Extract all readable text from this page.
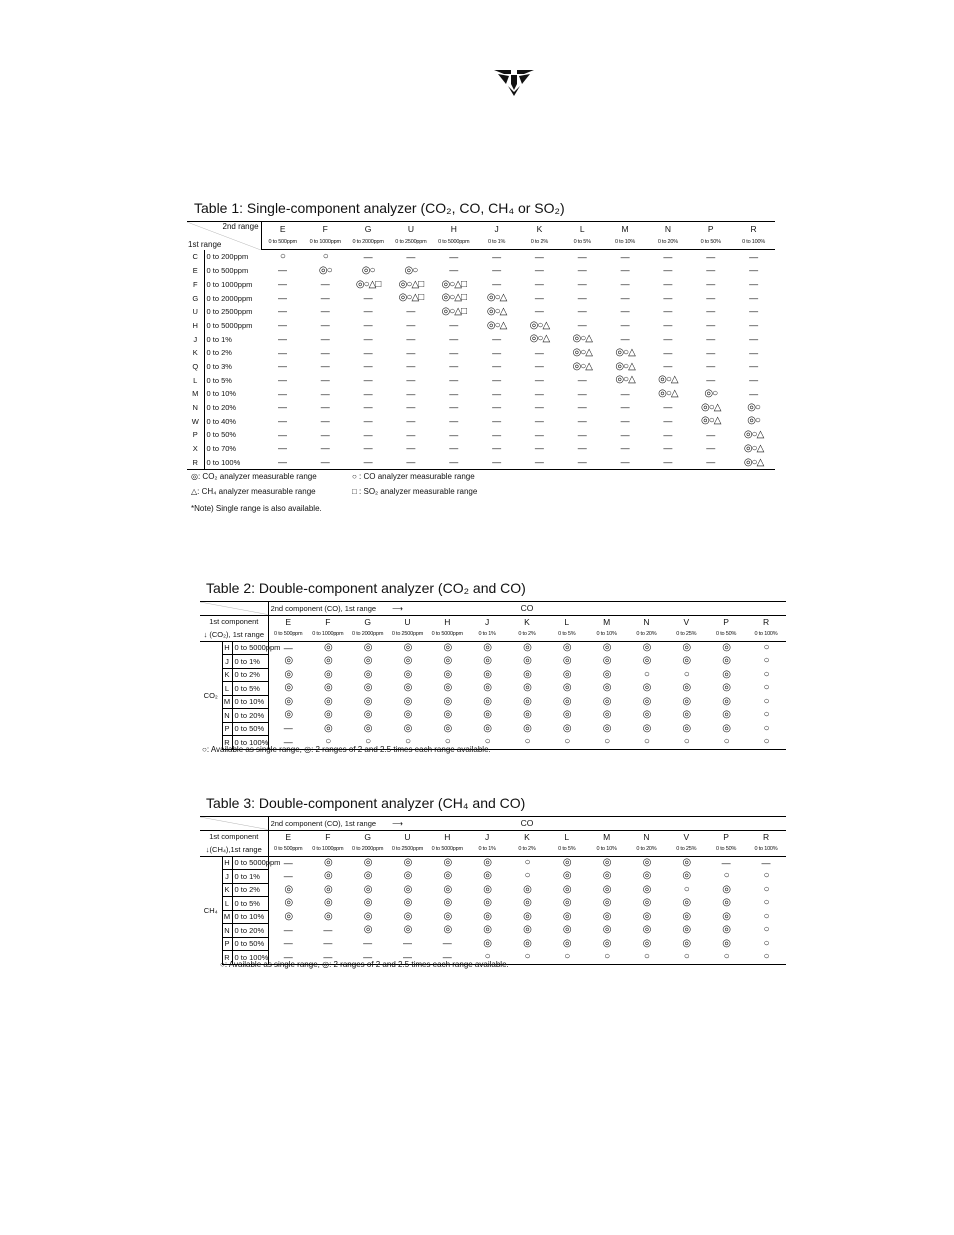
Table 1: Single-component analyzer (CO₂, CO, CH₄ or SO₂)
2nd range
1st range		E	F	G	U	H	J	K	L	M	N	P	R
		0 to 500ppm	0 to 1000ppm	0 to 2000ppm	0 to 2500ppm	0 to 5000ppm	0 to 1%	0 to 2%	0 to 5%	0 to 10%	0 to 20%	0 to 50%	0 to 100%
C	0 to 200ppm	○	○	—	—	—	—	—	—	—	—	—	—
E	0 to 500ppm	—	◎○	◎○	◎○	—	—	—	—	—	—	—	—
F	0 to 1000ppm	—	—	◎○△□	◎○△□	◎○△□	—	—	—	—	—	—	—
G	0 to 2000ppm	—	—	—	◎○△□	◎○△□	◎○△	—	—	—	—	—	—
U	0 to 2500ppm	—	—	—	—	◎○△□	◎○△	—	—	—	—	—	—
H	0 to 5000ppm	—	—	—	—	—	◎○△	◎○△	—	—	—	—	—
J	0 to 1%	—	—	—	—	—	—	◎○△	◎○△	—	—	—	—
K	0 to 2%	—	—	—	—	—	—	—	◎○△	◎○△	—	—	—
Q	0 to 3%	—	—	—	—	—	—	—	◎○△	◎○△	—	—	—
L	0 to 5%	—	—	—	—	—	—	—	—	◎○△	◎○△	—	—
M	0 to 10%	—	—	—	—	—	—	—	—	—	◎○△	◎○	—
N	0 to 20%	—	—	—	—	—	—	—	—	—	—	◎○△	◎○
W	0 to 40%	—	—	—	—	—	—	—	—	—	—	◎○△	◎○
P	0 to 50%	—	—	—	—	—	—	—	—	—	—	—	◎○△
X	0 to 70%	—	—	—	—	—	—	—	—	—	—	—	◎○△
R	0 to 100%	—	—	—	—	—	—	—	—	—	—	—	◎○△
◎: CO₂ analyzer measurable range	○ : CO analyzer measurable range
△: CH₄ analyzer measurable range	□ : SO₂ analyzer measurable range
*Note) Single range is also available.
Table 2: Double-component analyzer (CO₂ and CO)
	2nd component (CO), 1st range ⟶					CO							
1st component			E	F	G	U	H	J	K	L	M	N	V	P	R
↓ (CO₂), 1st range			0 to 500ppm	0 to 1000ppm	0 to 2000ppm	0 to 2500ppm	0 to 5000ppm	0 to 1%	0 to 2%	0 to 5%	0 to 10%	0 to 20%	0 to 25%	0 to 50%	0 to 100%
CO₂	H	0 to 5000ppm	—	◎	◎	◎	◎	◎	◎	◎	◎	◎	◎	◎	○
	J	0 to 1%	◎	◎	◎	◎	◎	◎	◎	◎	◎	◎	◎	◎	○
	K	0 to 2%	◎	◎	◎	◎	◎	◎	◎	◎	◎	○	○	◎	○
	L	0 to 5%	◎	◎	◎	◎	◎	◎	◎	◎	◎	◎	◎	◎	○
	M	0 to 10%	◎	◎	◎	◎	◎	◎	◎	◎	◎	◎	◎	◎	○
	N	0 to 20%	◎	◎	◎	◎	◎	◎	◎	◎	◎	◎	◎	◎	○
	P	0 to 50%	—	◎	◎	◎	◎	◎	◎	◎	◎	◎	◎	◎	○
	R	0 to 100%	—	○	○	○	○	○	○	○	○	○	○	○	○
○: Available as single range, ◎: 2 ranges of 2 and 2.5 times each range available.
Table 3: Double-component analyzer (CH₄ and CO)
	2nd component (CO), 1st range ⟶					CO							
1st component			E	F	G	U	H	J	K	L	M	N	V	P	R
↓(CH₄),1st range			0 to 500ppm	0 to 1000ppm	0 to 2000ppm	0 to 2500ppm	0 to 5000ppm	0 to 1%	0 to 2%	0 to 5%	0 to 10%	0 to 20%	0 to 25%	0 to 50%	0 to 100%
CH₄	H	0 to 5000ppm	—	◎	◎	◎	◎	◎	○	◎	◎	◎	◎	—	—
	J	0 to 1%	—	◎	◎	◎	◎	◎	○	◎	◎	◎	◎	○	○
	K	0 to 2%	◎	◎	◎	◎	◎	◎	◎	◎	◎	◎	○	◎	○
	L	0 to 5%	◎	◎	◎	◎	◎	◎	◎	◎	◎	◎	◎	◎	○
	M	0 to 10%	◎	◎	◎	◎	◎	◎	◎	◎	◎	◎	◎	◎	○
	N	0 to 20%	—	—	◎	◎	◎	◎	◎	◎	◎	◎	◎	◎	○
	P	0 to 50%	—	—	—	—	—	◎	◎	◎	◎	◎	◎	◎	○
	R	0 to 100%	—	—	—	—	—	○	○	○	○	○	○	○	○
○: Available as single range, ◎: 2 ranges of 2 and 2.5 times each range available.
